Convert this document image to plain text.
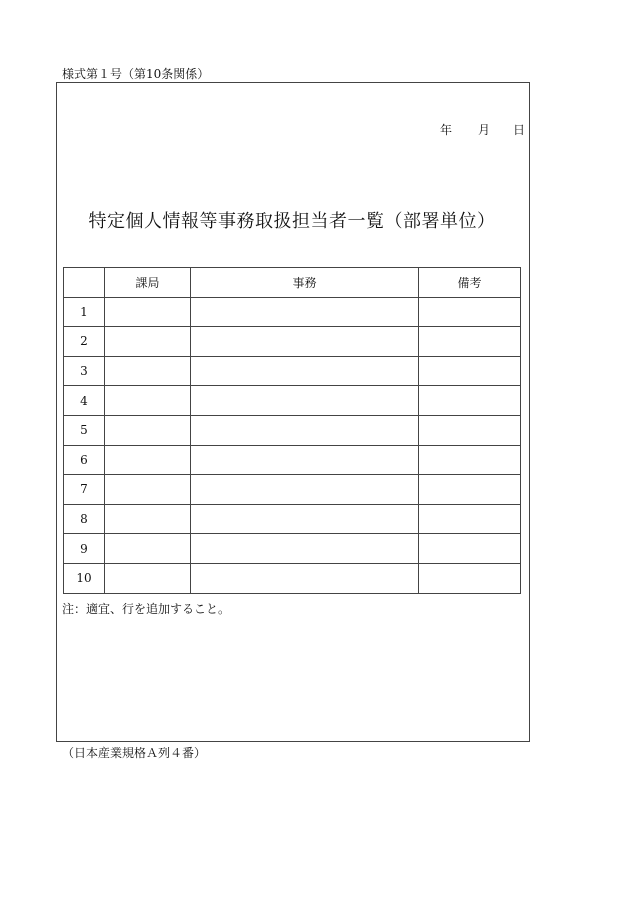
様式第１号（第10条関係）
年 月 日
特定個人情報等事務取扱担当者一覧（部署単位）
	課局	事務	備考
1			
2			
3			
4			
5			
6			
7			
8			
9			
10			
注：適宜、行を追加すること。
（日本産業規格Ａ列４番）
